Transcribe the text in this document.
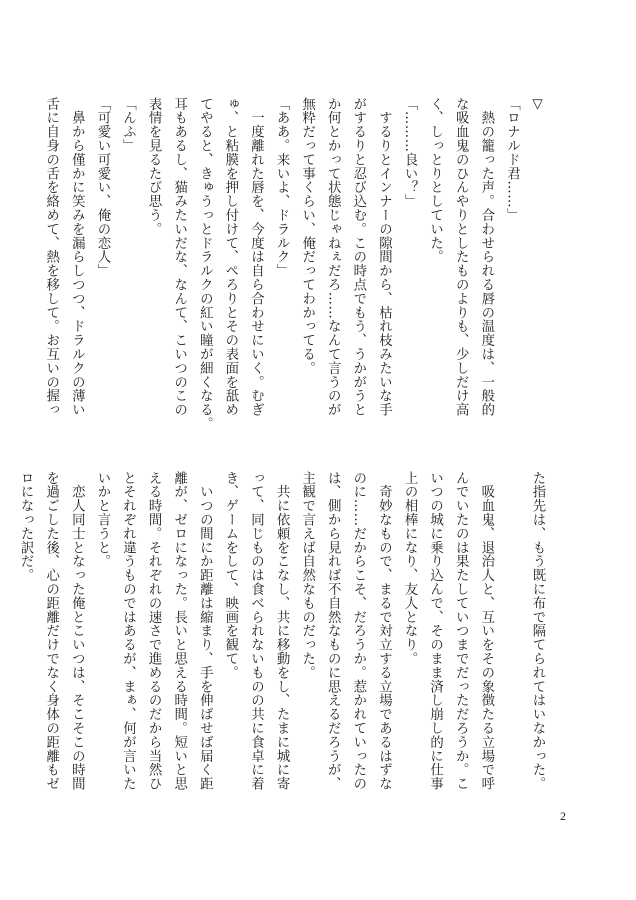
▽
「ロナルド君……」
　熱の籠った声。合わせられる唇の温度は、一般的
な吸血鬼のひんやりとしたものよりも、少しだけ高
く、しっとりとしていた。
「………良い？」
　するりとインナーの隙間から、枯れ枝みたいな手
がするりと忍び込む。この時点でもう、うかがうと
か何とかって状態じゃねぇだろ……なんて言うのが
無粋だって事くらい、俺だってわかってる。
「ああ。来いよ、ドラルク」
　一度離れた唇を、今度は自ら合わせにいく。むぎ
ゅ、と粘膜を押し付けて、ぺろりとその表面を舐め
てやると、きゅうっとドラルクの紅い瞳が細くなる。
耳もあるし、猫みたいだな、なんて、こいつのこの
表情を見るたび思う。
「んふ」
「可愛い可愛い、俺の恋人」
　鼻から僅かに笑みを漏らしつつ、ドラルクの薄い
舌に自身の舌を絡めて、熱を移して。お互いの握っ
た指先は、もう既に布で隔てられてはいなかった。

　吸血鬼、退治人と、互いをその象徴たる立場で呼
んでいたのは果たしていつまでだっただろうか。こ
いつの城に乗り込んで、そのまま済し崩し的に仕事
上の相棒になり、友人となり。
　奇妙なもので、まるで対立する立場であるはずな
のに……だからこそ、だろうか。惹かれていったの
は、側から見れば不自然なものに思えるだろうが、
主観で言えば自然なものだった。
　共に依頼をこなし、共に移動をし、たまに城に寄
って、同じものは食べられないものの共に食卓に着
き、ゲームをして、映画を観て。
　いつの間にか距離は縮まり、手を伸ばせば届く距
離が、ゼロになった。長いと思える時間。短いと思
える時間。それぞれの速さで進めるのだから当然ひ
とそれぞれ違うものではあるが、まぁ、何が言いた
いかと言うと。
　恋人同士となった俺とこいつは、そこそこの時間
を過ごした後、心の距離だけでなく身体の距離もゼ
ロになった訳だ。
2
